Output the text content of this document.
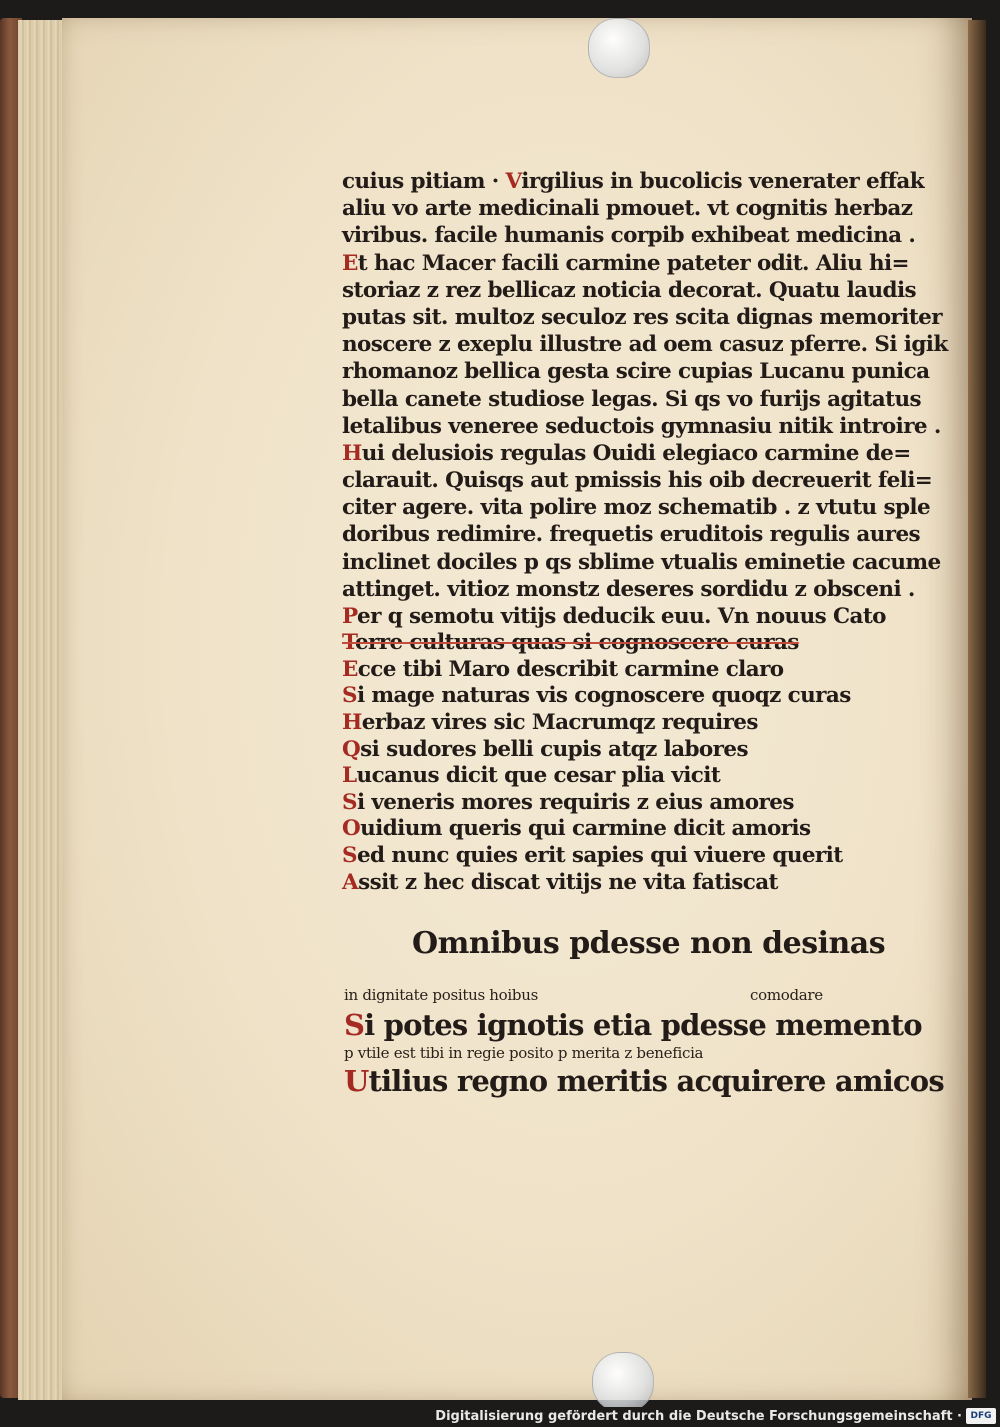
cuius pitiam · Virgilius in bucolicis venerater effak
aliu vo arte medicinali pmouet. vt cognitis herbaz
viribus. facile humanis corpib exhibeat medicina .
Et hac Macer facili carmine pateter odit. Aliu hi=
storiaz z rez bellicaz noticia decorat. Quatu laudis
putas sit. multoz seculoz res scita dignas memoriter
noscere z exeplu illustre ad oem casuz pferre. Si igik
rhomanoz bellica gesta scire cupias Lucanu punica
bella canete studiose legas. Si qs vo furijs agitatus
letalibus veneree seductois gymnasiu nitik introire .
Hui delusiois regulas Ouidi elegiaco carmine de=
clarauit. Quisqs aut pmissis his oib decreuerit feli=
citer agere. vita polire moz schematib . z vtutu sple
doribus redimire. frequetis eruditois regulis aures
inclinet dociles p qs sblime vtualis eminetie cacume
attinget. vitioz monstz deseres sordidu z obsceni .
Per q semotu vitijs deducik euu. Vn nouus Cato
Terre culturas quas si cognoscere curas
Ecce tibi Maro describit carmine claro
Si mage naturas vis cognoscere quoqz curas
Herbaz vires sic Macrumqz requires
Qsi sudores belli cupis atqz labores
Lucanus dicit que cesar plia vicit
Si veneris mores requiris z eius amores
Ouidium queris qui carmine dicit amoris
Sed nunc quies erit sapies qui viuere querit
Assit z hec discat vitijs ne vita fatiscat
Omnibus pdesse non desinas
in dignitate positus hoibus	comodare
Si potes ignotis etia pdesse memento
p vtile est tibi in regie posito p merita z beneficia
Utilius regno meritis acquirere amicos
Digitalisierung gefördert durch die Deutsche Forschungsgemeinschaft · DFG
